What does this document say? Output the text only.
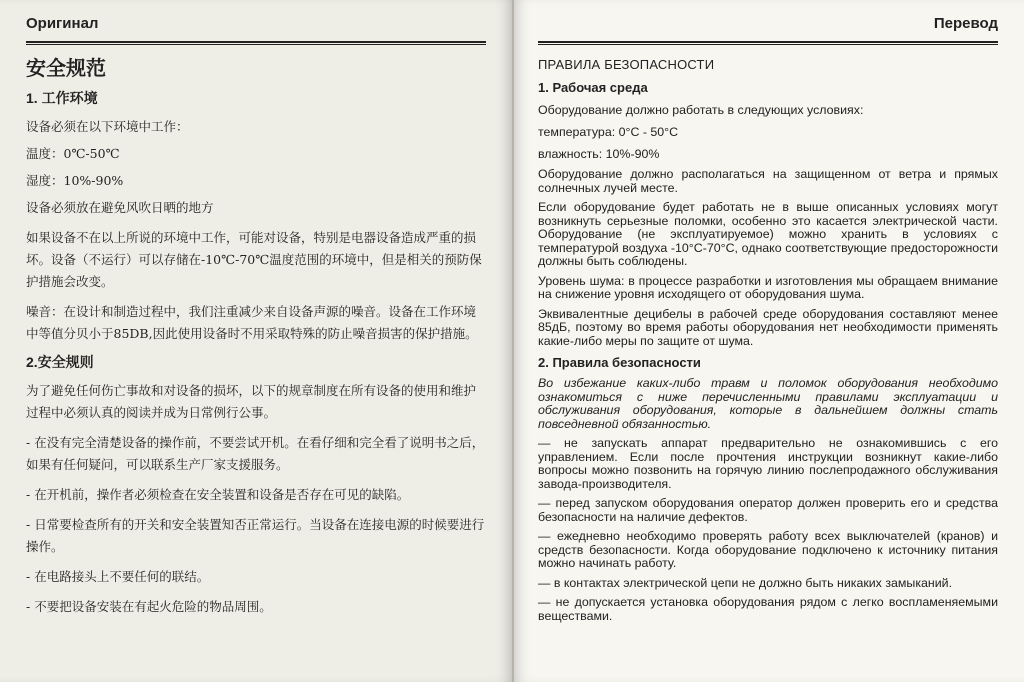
Оригинал
安全规范
1. 工作环境

设备必须在以下环境中工作：

温度：0℃-50℃

湿度：10%-90%

设备必须放在避免风吹日晒的地方

如果设备不在以上所说的环境中工作，可能对设备，特别是电器设备造成严重的损坏。设备（不运行）可以存储在-10℃-70℃温度范围的环境中，但是相关的预防保护措施会改变。

噪音：在设计和制造过程中，我们注重减少来自设备声源的噪音。设备在工作环境中等值分贝小于85DB,因此使用设备时不用采取特殊的防止噪音损害的保护措施。

2.安全规则

为了避免任何伤亡事故和对设备的损坏，以下的规章制度在所有设备的使用和维护过程中必须认真的阅读并成为日常例行公事。

- 在没有完全清楚设备的操作前，不要尝试开机。在看仔细和完全看了说明书之后，如果有任何疑问，可以联系生产厂家支援服务。

- 在开机前，操作者必须检查在安全装置和设备是否存在可见的缺陷。

- 日常要检查所有的开关和安全装置知否正常运行。当设备在连接电源的时候要进行操作。

- 在电路接头上不要任何的联结。

- 不要把设备安装在有起火危险的物品周围。

Перевод
ПРАВИЛА БЕЗОПАСНОСТИ
1. Рабочая среда

Оборудование должно работать в следующих условиях:

температура: 0°C - 50°C

влажность: 10%-90%

Оборудование должно располагаться на защищенном от ветра и прямых солнечных лучей месте.

Если оборудование будет работать не в выше описанных условиях могут возникнуть серьезные поломки, особенно это касается электрической части. Оборудование (не эксплуатируемое) можно хранить в условиях с температурой воздуха -10°C-70°C, однако соответствующие предосторожности должны быть соблюдены.

Уровень шума: в процессе разработки и изготовления мы обращаем внимание на снижение уровня исходящего от оборудования шума.

Эквивалентные децибелы в рабочей среде оборудования составляют менее 85дБ, поэтому во время работы оборудования нет необходимости применять какие-либо меры по защите от шума.

2. Правила безопасности

Во избежание каких-либо травм и поломок оборудования необходимо ознакомиться с ниже перечисленными правилами эксплуатации и обслуживания оборудования, которые в дальнейшем должны стать повседневной обязанностью.

— не запускать аппарат предварительно не ознакомившись с его управлением. Если после прочтения инструкции возникнут какие-либо вопросы можно позвонить на горячую линию послепродажного обслуживания завода-производителя.

— перед запуском оборудования оператор должен проверить его и средства безопасности на наличие дефектов.

— ежедневно необходимо проверять работу всех выключателей (кранов) и средств безопасности. Когда оборудование подключено к источнику питания можно начинать работу.

— в контактах электрической цепи не должно быть никаких замыканий.

— не допускается установка оборудования рядом с легко воспламеняемыми веществами.
